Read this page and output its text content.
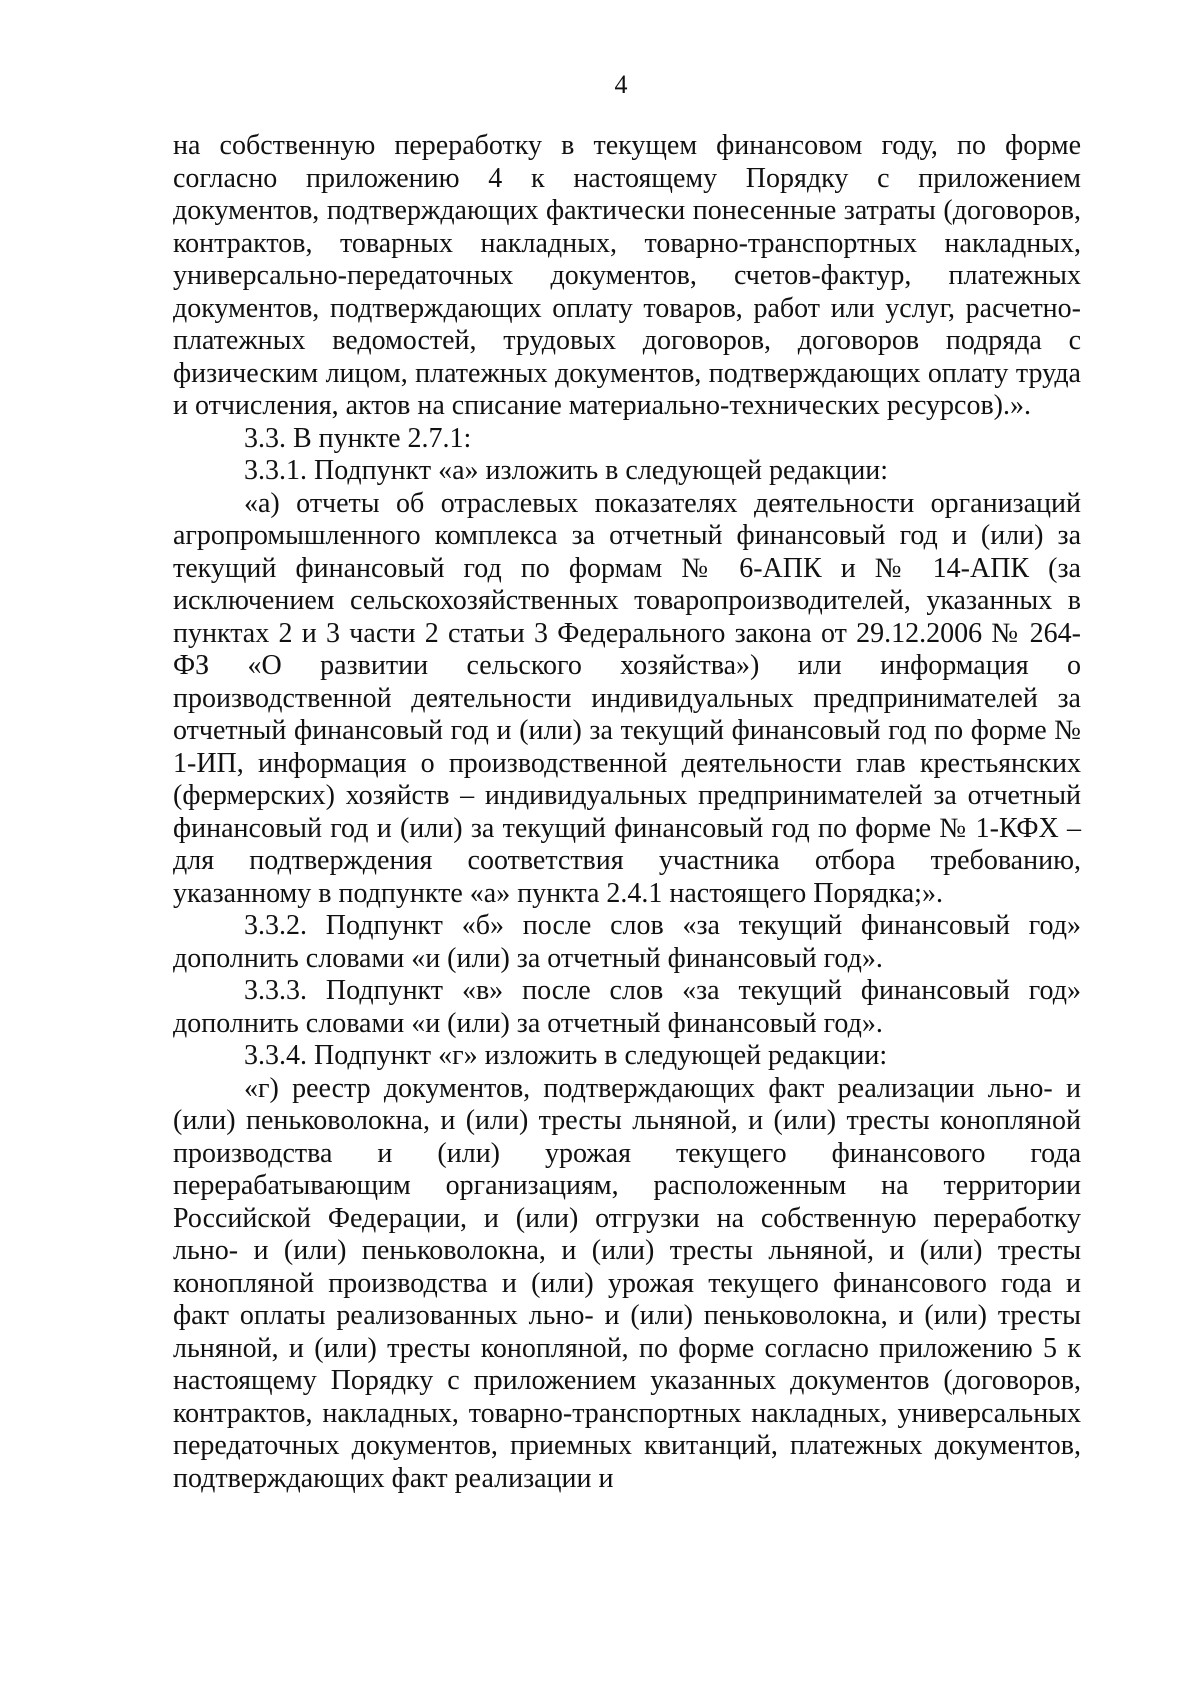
4

на собственную переработку в текущем финансовом году, по форме согласно приложению 4 к настоящему Порядку с приложением документов, подтверждающих фактически понесенные затраты (договоров, контрактов, товарных накладных, товарно-транспортных накладных, универсально-передаточных документов, счетов-фактур, платежных документов, подтверждающих оплату товаров, работ или услуг, расчетно-платежных ведомостей, трудовых договоров, договоров подряда с физическим лицом, платежных документов, подтверждающих оплату труда и отчисления, актов на списание материально-технических ресурсов).».

3.3. В пункте 2.7.1:

3.3.1. Подпункт «а» изложить в следующей редакции:

«а) отчеты об отраслевых показателях деятельности организаций агропромышленного комплекса за отчетный финансовый год и (или) за текущий финансовый год по формам № 6-АПК и № 14-АПК (за исключением сельскохозяйственных товаропроизводителей, указанных в пунктах 2 и 3 части 2 статьи 3 Федерального закона от 29.12.2006 № 264-ФЗ «О развитии сельского хозяйства») или информация о производственной деятельности индивидуальных предпринимателей за отчетный финансовый год и (или) за текущий финансовый год по форме № 1-ИП, информация о производственной деятельности глав крестьянских (фермерских) хозяйств – индивидуальных предпринимателей за отчетный финансовый год и (или) за текущий финансовый год по форме № 1-КФХ – для подтверждения соответствия участника отбора требованию, указанному в подпункте «а» пункта 2.4.1 настоящего Порядка;».

3.3.2. Подпункт «б» после слов «за текущий финансовый год» дополнить словами «и (или) за отчетный финансовый год».

3.3.3. Подпункт «в» после слов «за текущий финансовый год» дополнить словами «и (или) за отчетный финансовый год».

3.3.4. Подпункт «г» изложить в следующей редакции:

«г) реестр документов, подтверждающих факт реализации льно- и (или) пеньковолокна, и (или) тресты льняной, и (или) тресты конопляной производства и (или) урожая текущего финансового года перерабатывающим организациям, расположенным на территории Российской Федерации, и (или) отгрузки на собственную переработку льно- и (или) пеньковолокна, и (или) тресты льняной, и (или) тресты конопляной производства и (или) урожая текущего финансового года и факт оплаты реализованных льно- и (или) пеньковолокна, и (или) тресты льняной, и (или) тресты конопляной, по форме согласно приложению 5 к настоящему Порядку с приложением указанных документов (договоров, контрактов, накладных, товарно-транспортных накладных, универсальных передаточных документов, приемных квитанций, платежных документов, подтверждающих факт реализации и
